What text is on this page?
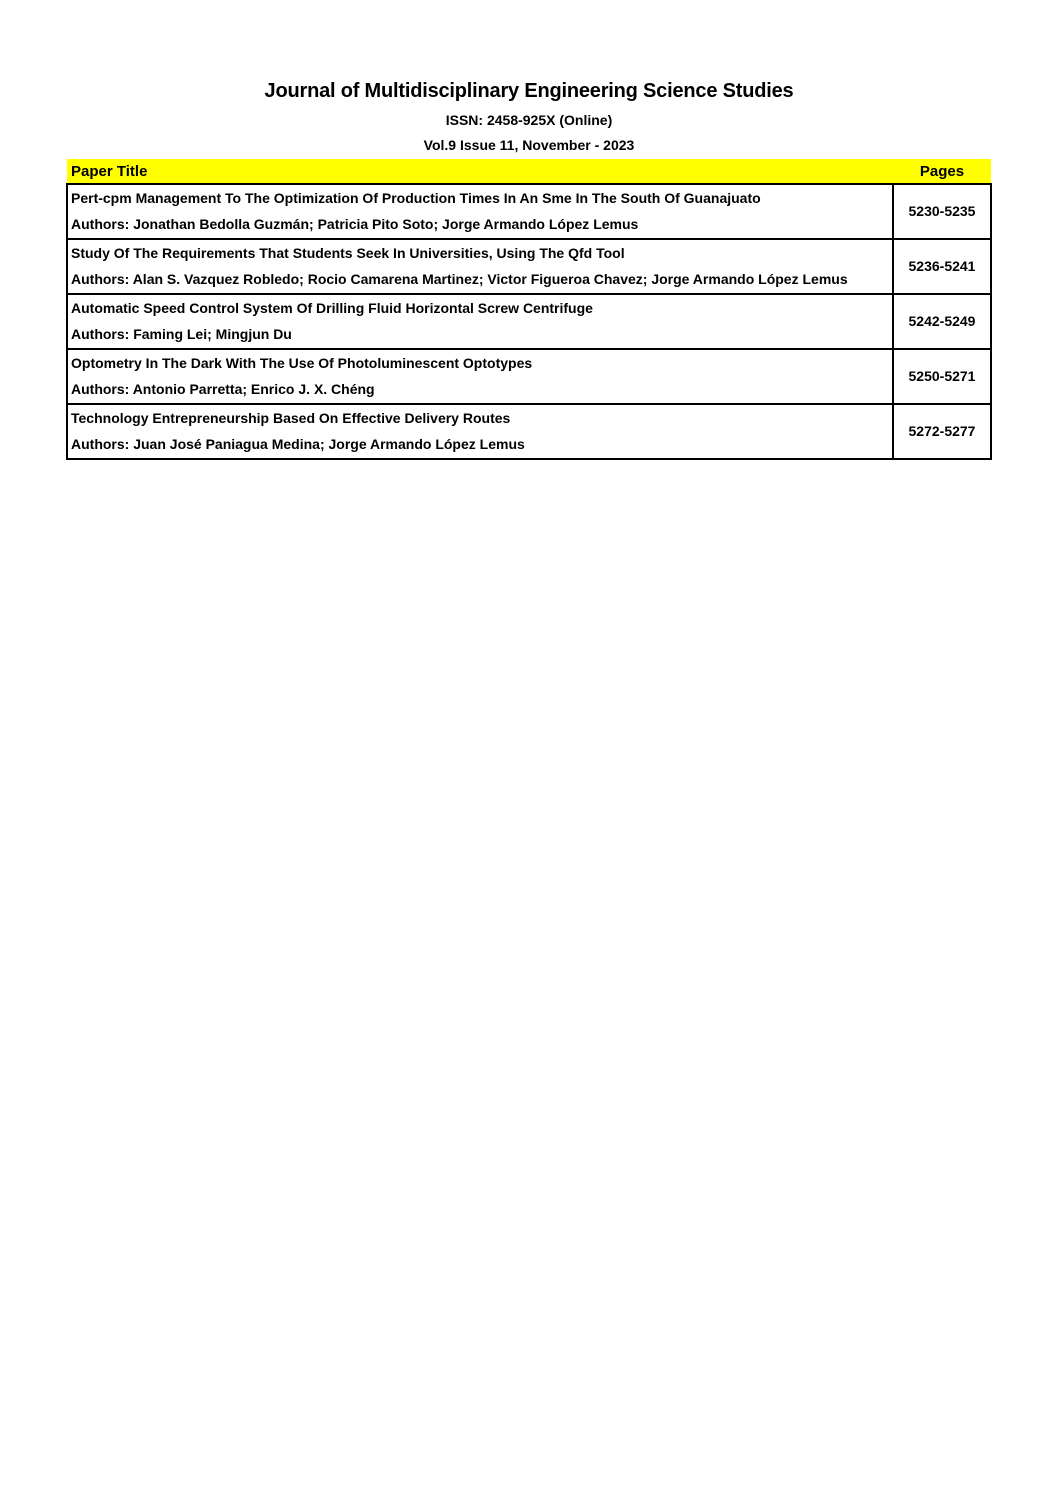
Journal of Multidisciplinary Engineering Science Studies
ISSN: 2458-925X (Online)
Vol.9 Issue 11, November - 2023
Paper Title	Pages

Pert-cpm Management To The Optimization Of Production Times In An Sme In The South Of Guanajuato
Authors: Jonathan Bedolla Guzmán; Patricia Pito Soto; Jorge Armando López Lemus	5230-5235

Study Of The Requirements That Students Seek In Universities, Using The Qfd Tool
Authors: Alan S. Vazquez Robledo; Rocio Camarena Martinez; Victor Figueroa Chavez; Jorge Armando López Lemus	5236-5241

Automatic Speed Control System Of Drilling Fluid Horizontal Screw Centrifuge
Authors: Faming Lei; Mingjun Du	5242-5249

Optometry In The Dark With The Use Of Photoluminescent Optotypes
Authors: Antonio Parretta; Enrico J. X. Chéng	5250-5271

Technology Entrepreneurship Based On Effective Delivery Routes
Authors: Juan José Paniagua Medina; Jorge Armando López Lemus	5272-5277
